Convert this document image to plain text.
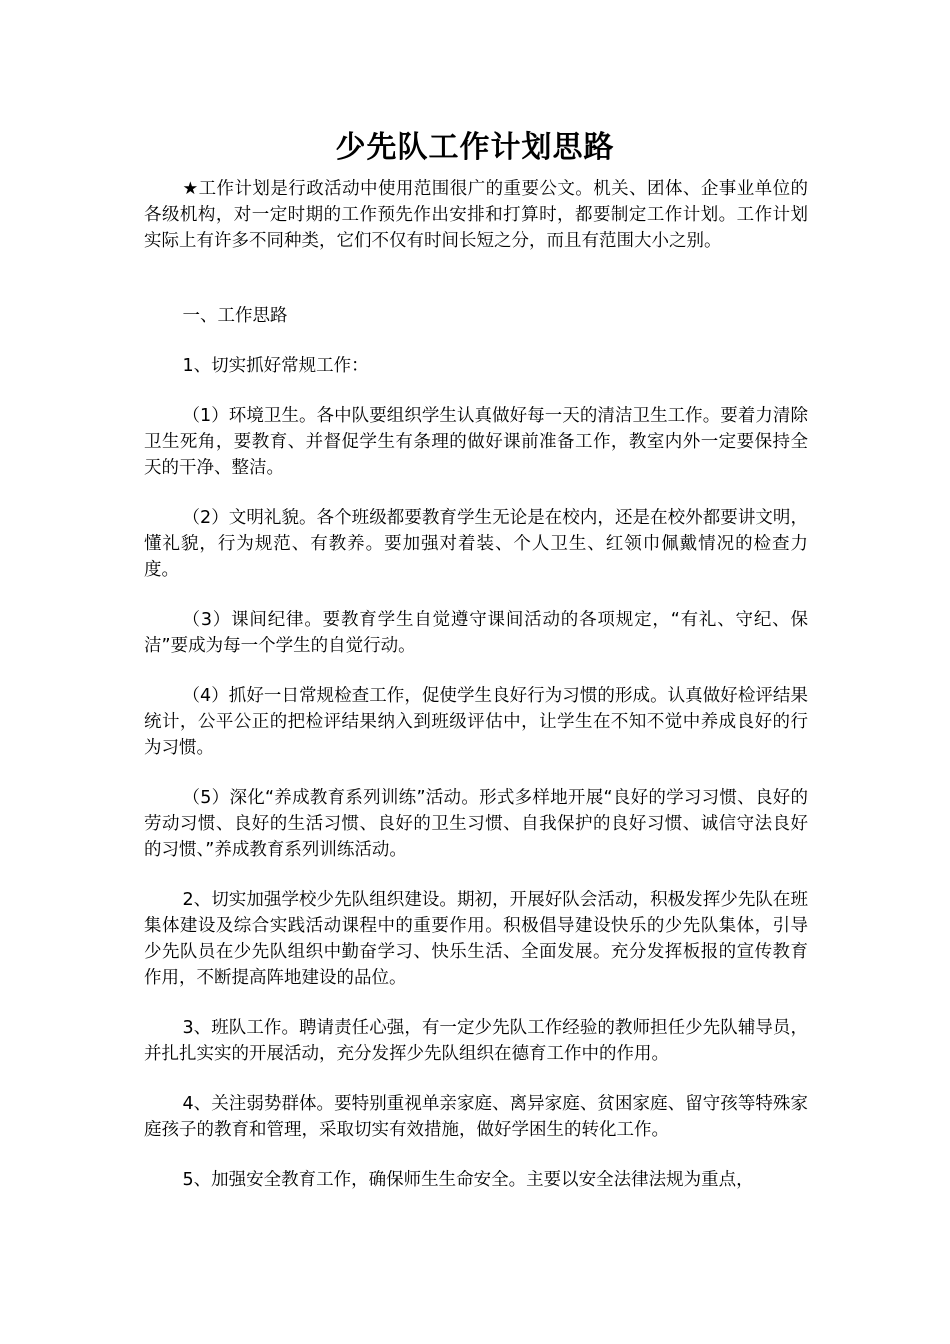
少先队工作计划思路

★工作计划是行政活动中使用范围很广的重要公文。机关、团体、企事业单位的各级机构，对一定时期的工作预先作出安排和打算时，都要制定工作计划。工作计划实际上有许多不同种类，它们不仅有时间长短之分，而且有范围大小之别。

一、工作思路

1、切实抓好常规工作：

（1）环境卫生。各中队要组织学生认真做好每一天的清洁卫生工作。要着力清除卫生死角，要教育、并督促学生有条理的做好课前准备工作，教室内外一定要保持全天的干净、整洁。

（2）文明礼貌。各个班级都要教育学生无论是在校内，还是在校外都要讲文明，懂礼貌，行为规范、有教养。要加强对着装、个人卫生、红领巾佩戴情况的检查力度。

（3）课间纪律。要教育学生自觉遵守课间活动的各项规定，“有礼、守纪、保洁”要成为每一个学生的自觉行动。

（4）抓好一日常规检查工作，促使学生良好行为习惯的形成。认真做好检评结果统计，公平公正的把检评结果纳入到班级评估中，让学生在不知不觉中养成良好的行为习惯。

（5）深化“养成教育系列训练”活动。形式多样地开展“良好的学习习惯、良好的劳动习惯、良好的生活习惯、良好的卫生习惯、自我保护的良好习惯、诚信守法良好的习惯、”养成教育系列训练活动。

2、切实加强学校少先队组织建设。期初，开展好队会活动，积极发挥少先队在班集体建设及综合实践活动课程中的重要作用。积极倡导建设快乐的少先队集体，引导少先队员在少先队组织中勤奋学习、快乐生活、全面发展。充分发挥板报的宣传教育作用，不断提高阵地建设的品位。

3、班队工作。聘请责任心强，有一定少先队工作经验的教师担任少先队辅导员，并扎扎实实的开展活动，充分发挥少先队组织在德育工作中的作用。

4、关注弱势群体。要特别重视单亲家庭、离异家庭、贫困家庭、留守孩等特殊家庭孩子的教育和管理，采取切实有效措施，做好学困生的转化工作。

5、加强安全教育工作，确保师生生命安全。主要以安全法律法规为重点，
